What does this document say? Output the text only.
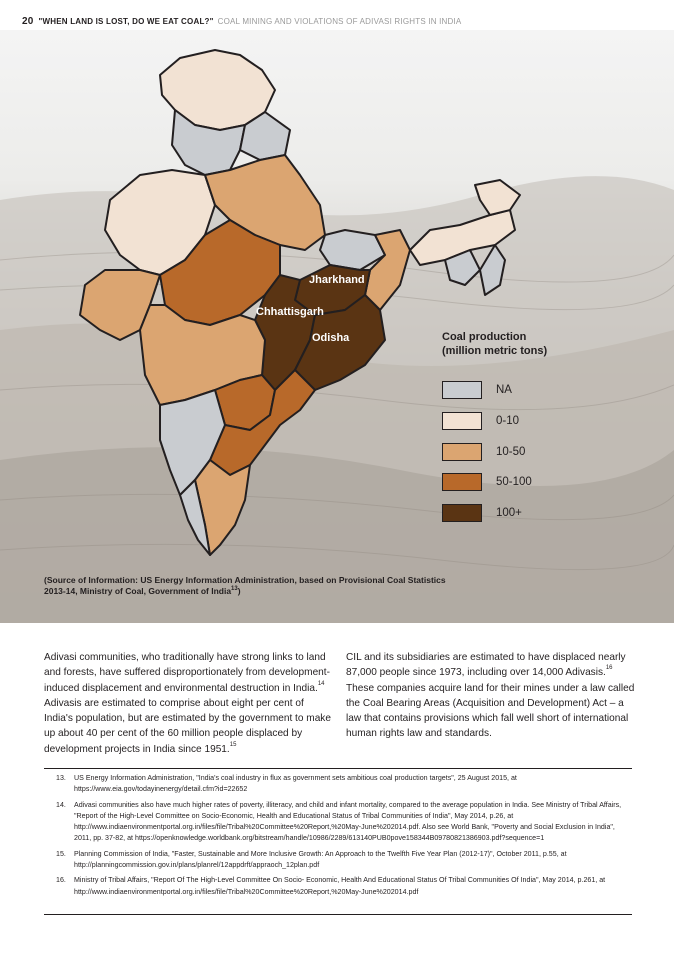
20 "WHEN LAND IS LOST, DO WE EAT COAL?" COAL MINING AND VIOLATIONS OF ADIVASI RIGHTS IN INDIA
Jharkhand
Chhattisgarh
Odisha	Coal production
(million metric tons)
NA
0-10
10-50
50-100
100+
(Source of Information: US Energy Information Administration, based on Provisional Coal Statistics
2013-14, Ministry of Coal, Government of India$^{13}$)
Adivasi communities, who traditionally have strong links to land and forests, have suffered disproportionately from development-induced displacement and environmental destruction in India.$^{14}$ Adivasis are estimated to comprise about eight per cent of India's population, but are estimated by the government to make up about 40 per cent of the 60 million people displaced by development projects in India since 1951.15
CIL and its subsidiaries are estimated to have displaced nearly 87,000 people since 1973, including over 14,000 Adivasis.$^{16}$ These companies acquire land for their mines under a law called the Coal Bearing Areas (Acquisition and Development) Act – a law that contains provisions which fall well short of international human rights law and standards.
13.	US Energy Information Administration, "India's coal industry in flux as government sets ambitious coal production targets", 25 August 2015, at https://www.eia.gov/todayinenergy/detail.cfm?id=22652
14.	Adivasi communities also have much higher rates of poverty, illiteracy, and child and infant mortality, compared to the average population in India. See Ministry of Tribal Affairs, "Report of the High-Level Committee on Socio-Economic, Health and Educational Status of Tribal Communities of India", May 2014, p.26, at http://www.indiaenvironmentportal.org.in/files/file/Tribal%20Committee%20Report,%20May-June%202014.pdf. Also see World Bank, "Poverty and Social Exclusion in India", 2011, pp. 37-82, at https://openknowledge.worldbank.org/bitstream/handle/10986/2289/613140PUB0pove158344B09780821386903.pdf?sequence=1
15.	Planning Commission of India, "Faster, Sustainable and More Inclusive Growth: An Approach to the Twelfth Five Year Plan (2012-17)", October 2011, p.55, at http://planningcommission.gov.in/plans/planrel/12appdrft/appraoch_12plan.pdf
16.	Ministry of Tribal Affairs, "Report Of The High-Level Committee On Socio- Economic, Health And Educational Status Of Tribal Communities Of India", May 2014, p.261, at http://www.indiaenvironmentportal.org.in/files/file/Tribal%20Committee%20Report,%20May-June%202014.pdf
